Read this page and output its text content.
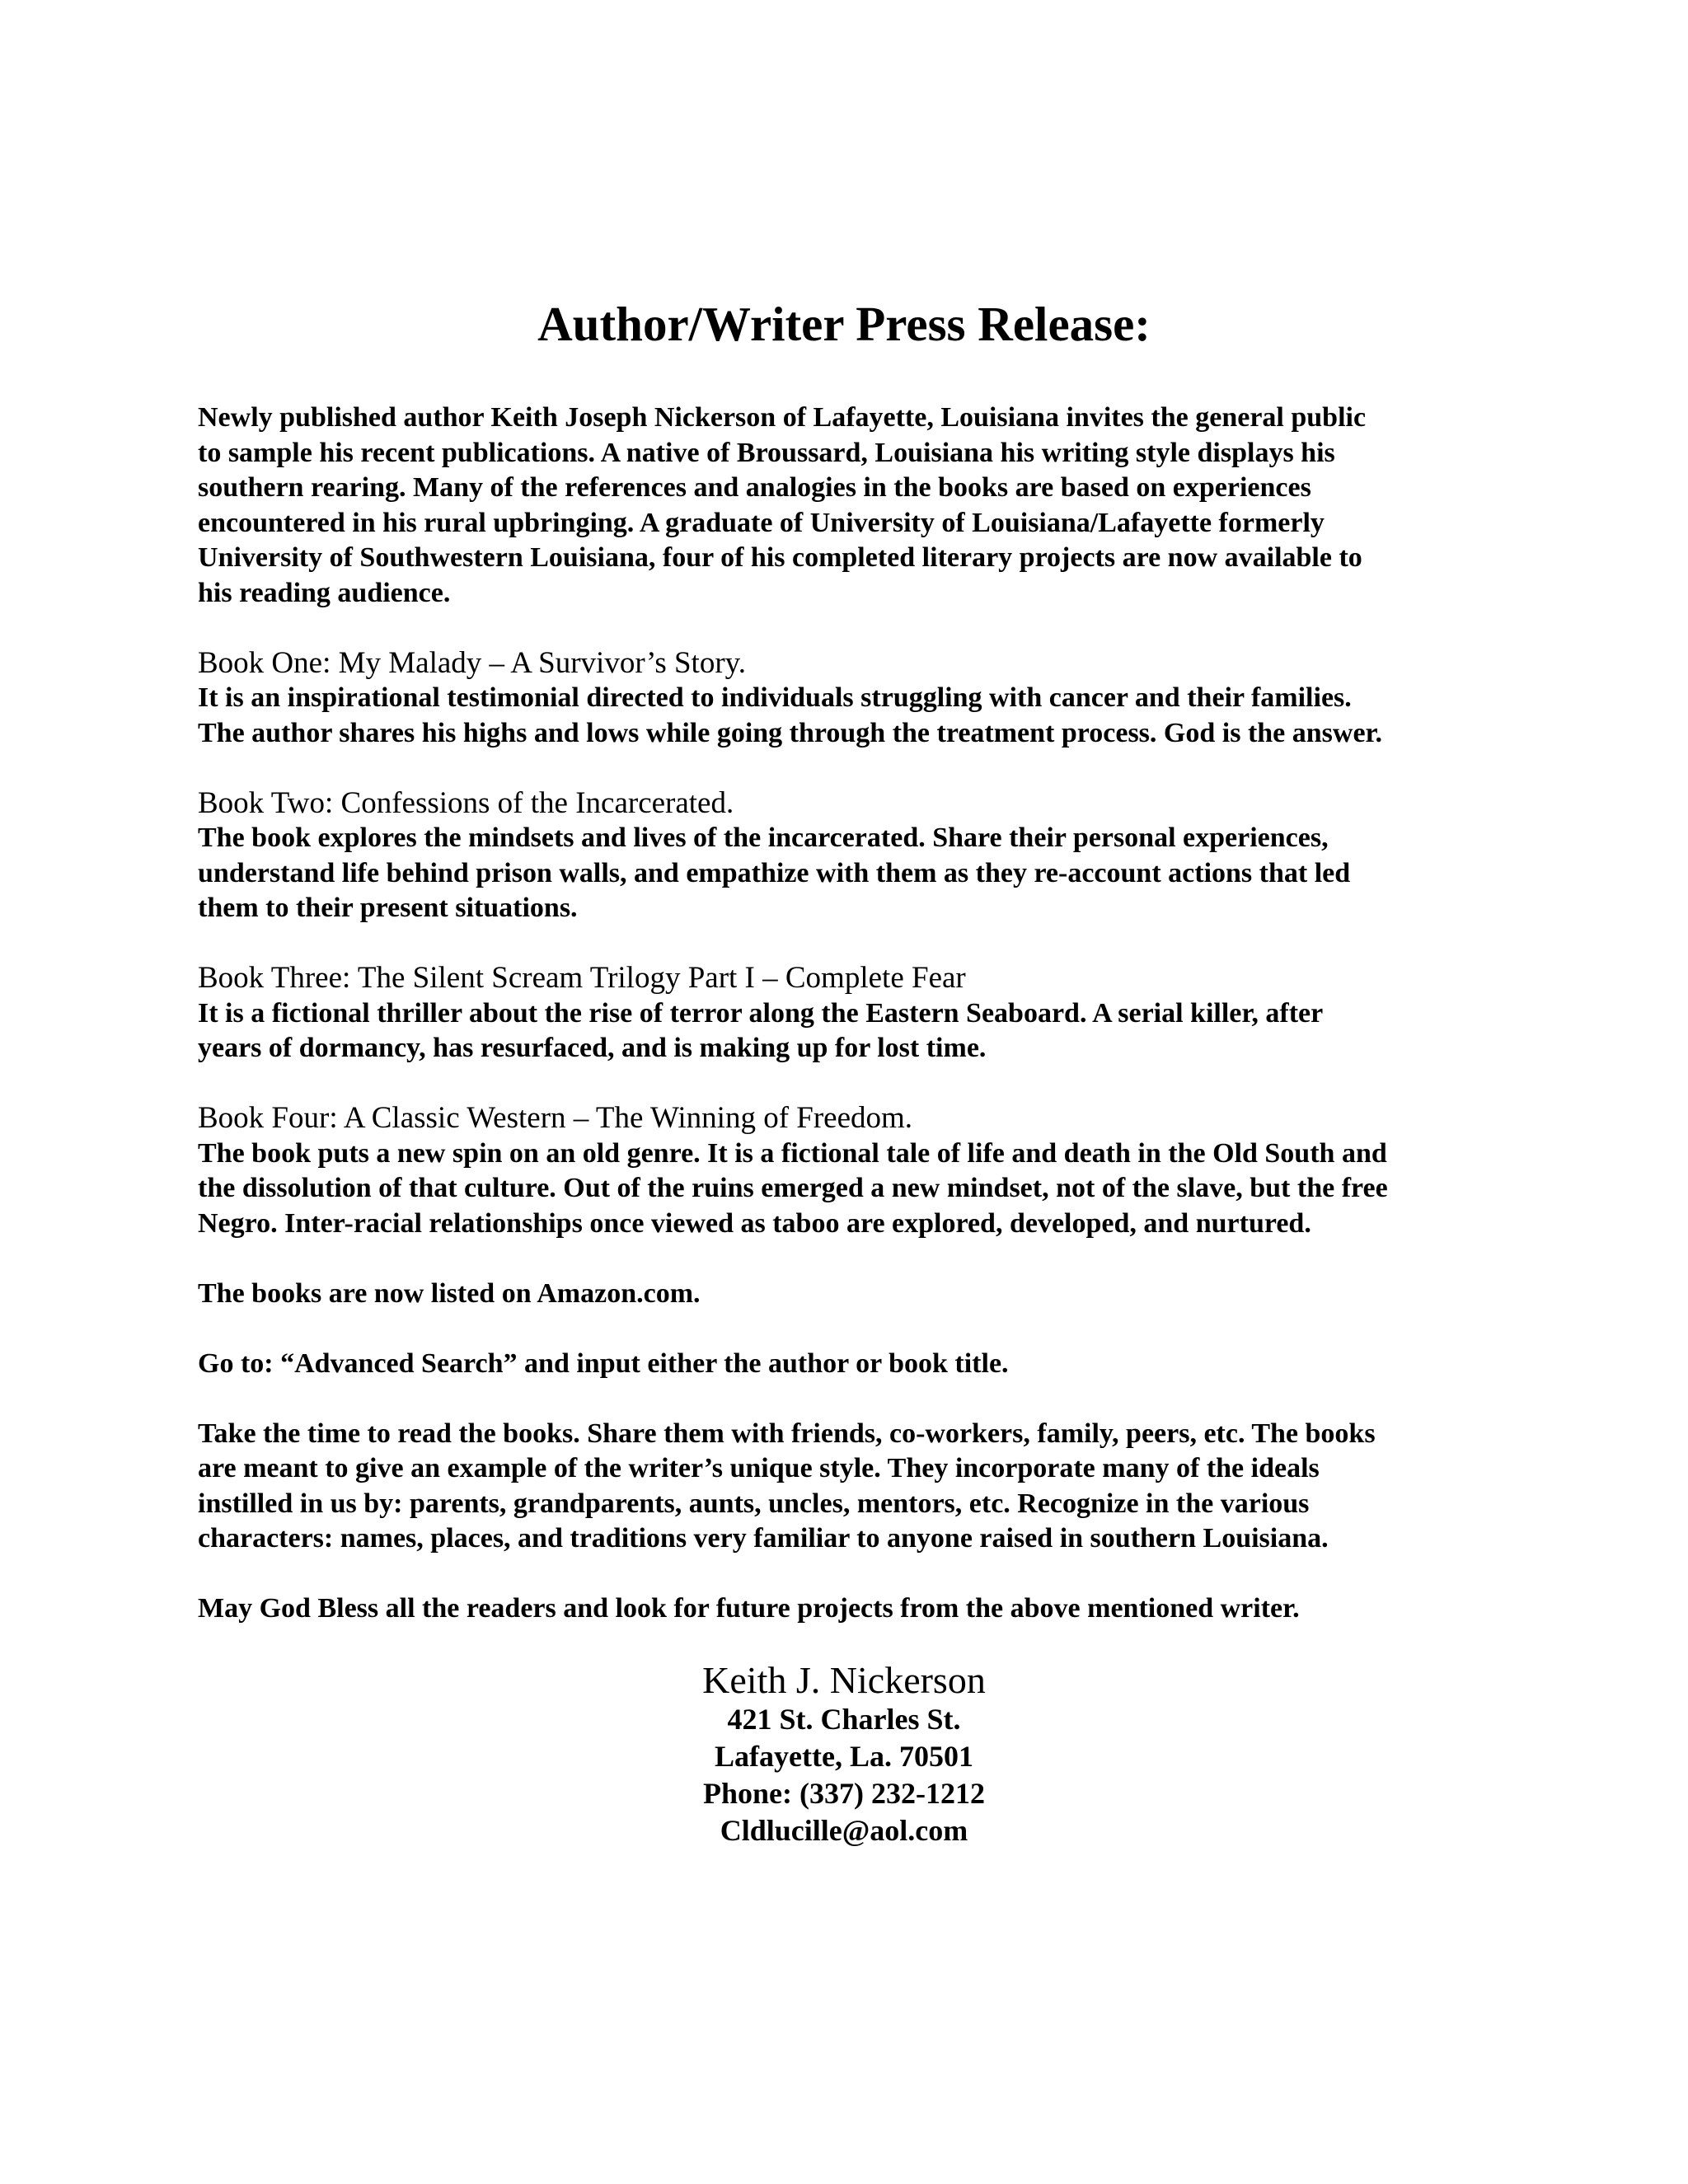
Author/Writer Press Release:

Newly published author Keith Joseph Nickerson of Lafayette, Louisiana invites the general public
to sample his recent publications. A native of Broussard, Louisiana his writing style displays his
southern rearing. Many of the references and analogies in the books are based on experiences
encountered in his rural upbringing. A graduate of University of Louisiana/Lafayette formerly
University of Southwestern Louisiana, four of his completed literary projects are now available to
his reading audience.

Book One: My Malady – A Survivor’s Story.

It is an inspirational testimonial directed to individuals struggling with cancer and their families.
The author shares his highs and lows while going through the treatment process. God is the answer.

Book Two: Confessions of the Incarcerated.

The book explores the mindsets and lives of the incarcerated. Share their personal experiences,
understand life behind prison walls, and empathize with them as they re-account actions that led
them to their present situations.

Book Three: The Silent Scream Trilogy Part I – Complete Fear

It is a fictional thriller about the rise of terror along the Eastern Seaboard. A serial killer, after
years of dormancy, has resurfaced, and is making up for lost time.

Book Four: A Classic Western – The Winning of Freedom.

The book puts a new spin on an old genre. It is a fictional tale of life and death in the Old South and
the dissolution of that culture. Out of the ruins emerged a new mindset, not of the slave, but the free
Negro. Inter-racial relationships once viewed as taboo are explored, developed, and nurtured.

The books are now listed on Amazon.com.

Go to: “Advanced Search” and input either the author or book title.

Take the time to read the books. Share them with friends, co-workers, family, peers, etc. The books
are meant to give an example of the writer’s unique style. They incorporate many of the ideals
instilled in us by: parents, grandparents, aunts, uncles, mentors, etc. Recognize in the various
characters: names, places, and traditions very familiar to anyone raised in southern Louisiana.

May God Bless all the readers and look for future projects from the above mentioned writer.

Keith J. Nickerson

421 St. Charles St.

Lafayette, La. 70501

Phone: (337) 232-1212

Cldlucille@aol.com
